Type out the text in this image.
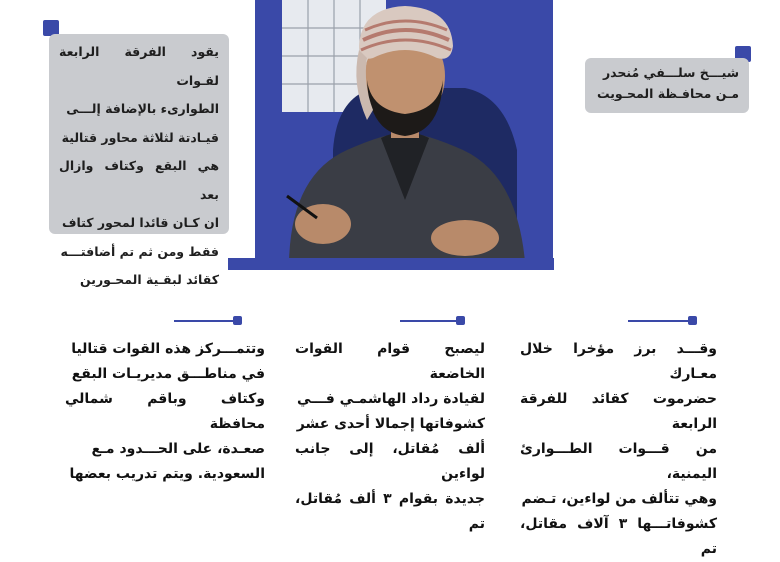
يقود الفرقة الرابعة لقـوات

الطوارىء بالإضافة إلـــى
قيـادتة لثلاثة محاور قتالية
هي البقع وكتاف وازال بعد
ان كـان قائدا لمحور كتاف
فقط ومن ثم تم أضافتـــه
كقائد لبقـية المحـورين
شيـــخ سلـــفي مُنحدر
مـن محافـظة المحـويت

وقـــد برز مؤخرا خلال معـارك

حضرموت كقائد للفرقة الرابعة

من قـــوات الطـــوارئ اليمنية،

وهي تتألف من لواءين، تـضم

كشوفاتـــها ٣ آلاف مقاتل، تم

ليصبح قوام القوات الخاضعة

لقيادة رداد الهاشمـي فـــي

كشوفاتها إجمالا أحدى عشر

ألف مُقاتل، إلى جانب لواءين

جديدة بقوام ٣ ألف مُقاتل، تم

وتتمـــركز هذه القوات قتاليا

في مناطـــق مديريـات البقع

وكتاف وباقم شمالي محافظة

صعـدة، على الحـــدود مـع

السعودية. ويتم تدريب بعضها
